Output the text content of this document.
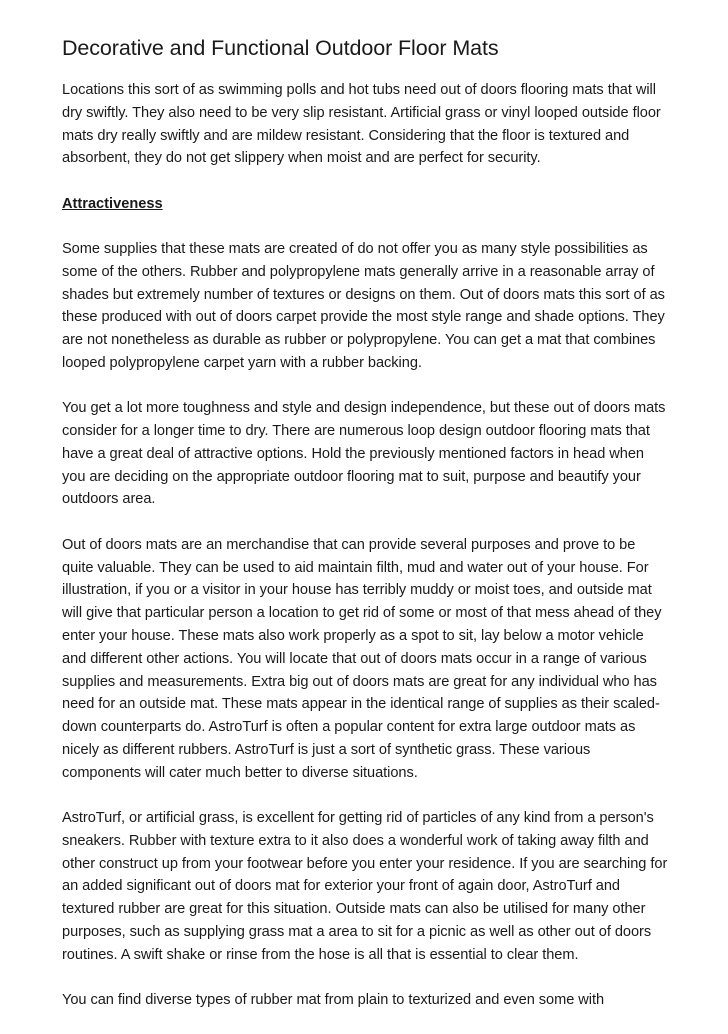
Decorative and Functional Outdoor Floor Mats

Locations this sort of as swimming polls and hot tubs need out of doors flooring mats that will dry swiftly. They also need to be very slip resistant. Artificial grass or vinyl looped outside floor mats dry really swiftly and are mildew resistant. Considering that the floor is textured and absorbent, they do not get slippery when moist and are perfect for security.

Attractiveness

Some supplies that these mats are created of do not offer you as many style possibilities as some of the others. Rubber and polypropylene mats generally arrive in a reasonable array of shades but extremely number of textures or designs on them. Out of doors mats this sort of as these produced with out of doors carpet provide the most style range and shade options. They are not nonetheless as durable as rubber or polypropylene. You can get a mat that combines looped polypropylene carpet yarn with a rubber backing.

You get a lot more toughness and style and design independence, but these out of doors mats consider for a longer time to dry. There are numerous loop design outdoor flooring mats that have a great deal of attractive options. Hold the previously mentioned factors in head when you are deciding on the appropriate outdoor flooring mat to suit, purpose and beautify your outdoors area.

Out of doors mats are an merchandise that can provide several purposes and prove to be quite valuable. They can be used to aid maintain filth, mud and water out of your house. For illustration, if you or a visitor in your house has terribly muddy or moist toes, and outside mat will give that particular person a location to get rid of some or most of that mess ahead of they enter your house. These mats also work properly as a spot to sit, lay below a motor vehicle and different other actions. You will locate that out of doors mats occur in a range of various supplies and measurements. Extra big out of doors mats are great for any individual who has need for an outside mat. These mats appear in the identical range of supplies as their scaled-down counterparts do. AstroTurf is often a popular content for extra large outdoor mats as nicely as different rubbers. AstroTurf is just a sort of synthetic grass. These various components will cater much better to diverse situations.

AstroTurf, or artificial grass, is excellent for getting rid of particles of any kind from a person's sneakers. Rubber with texture extra to it also does a wonderful work of taking away filth and other construct up from your footwear before you enter your residence. If you are searching for an added significant out of doors mat for exterior your front of again door, AstroTurf and textured rubber are great for this situation. Outside mats can also be utilised for many other purposes, such as supplying grass mat a area to sit for a picnic as well as other out of doors routines. A swift shake or rinse from the hose is all that is essential to clear them.

You can find diverse types of rubber mat from plain to texturized and even some with
